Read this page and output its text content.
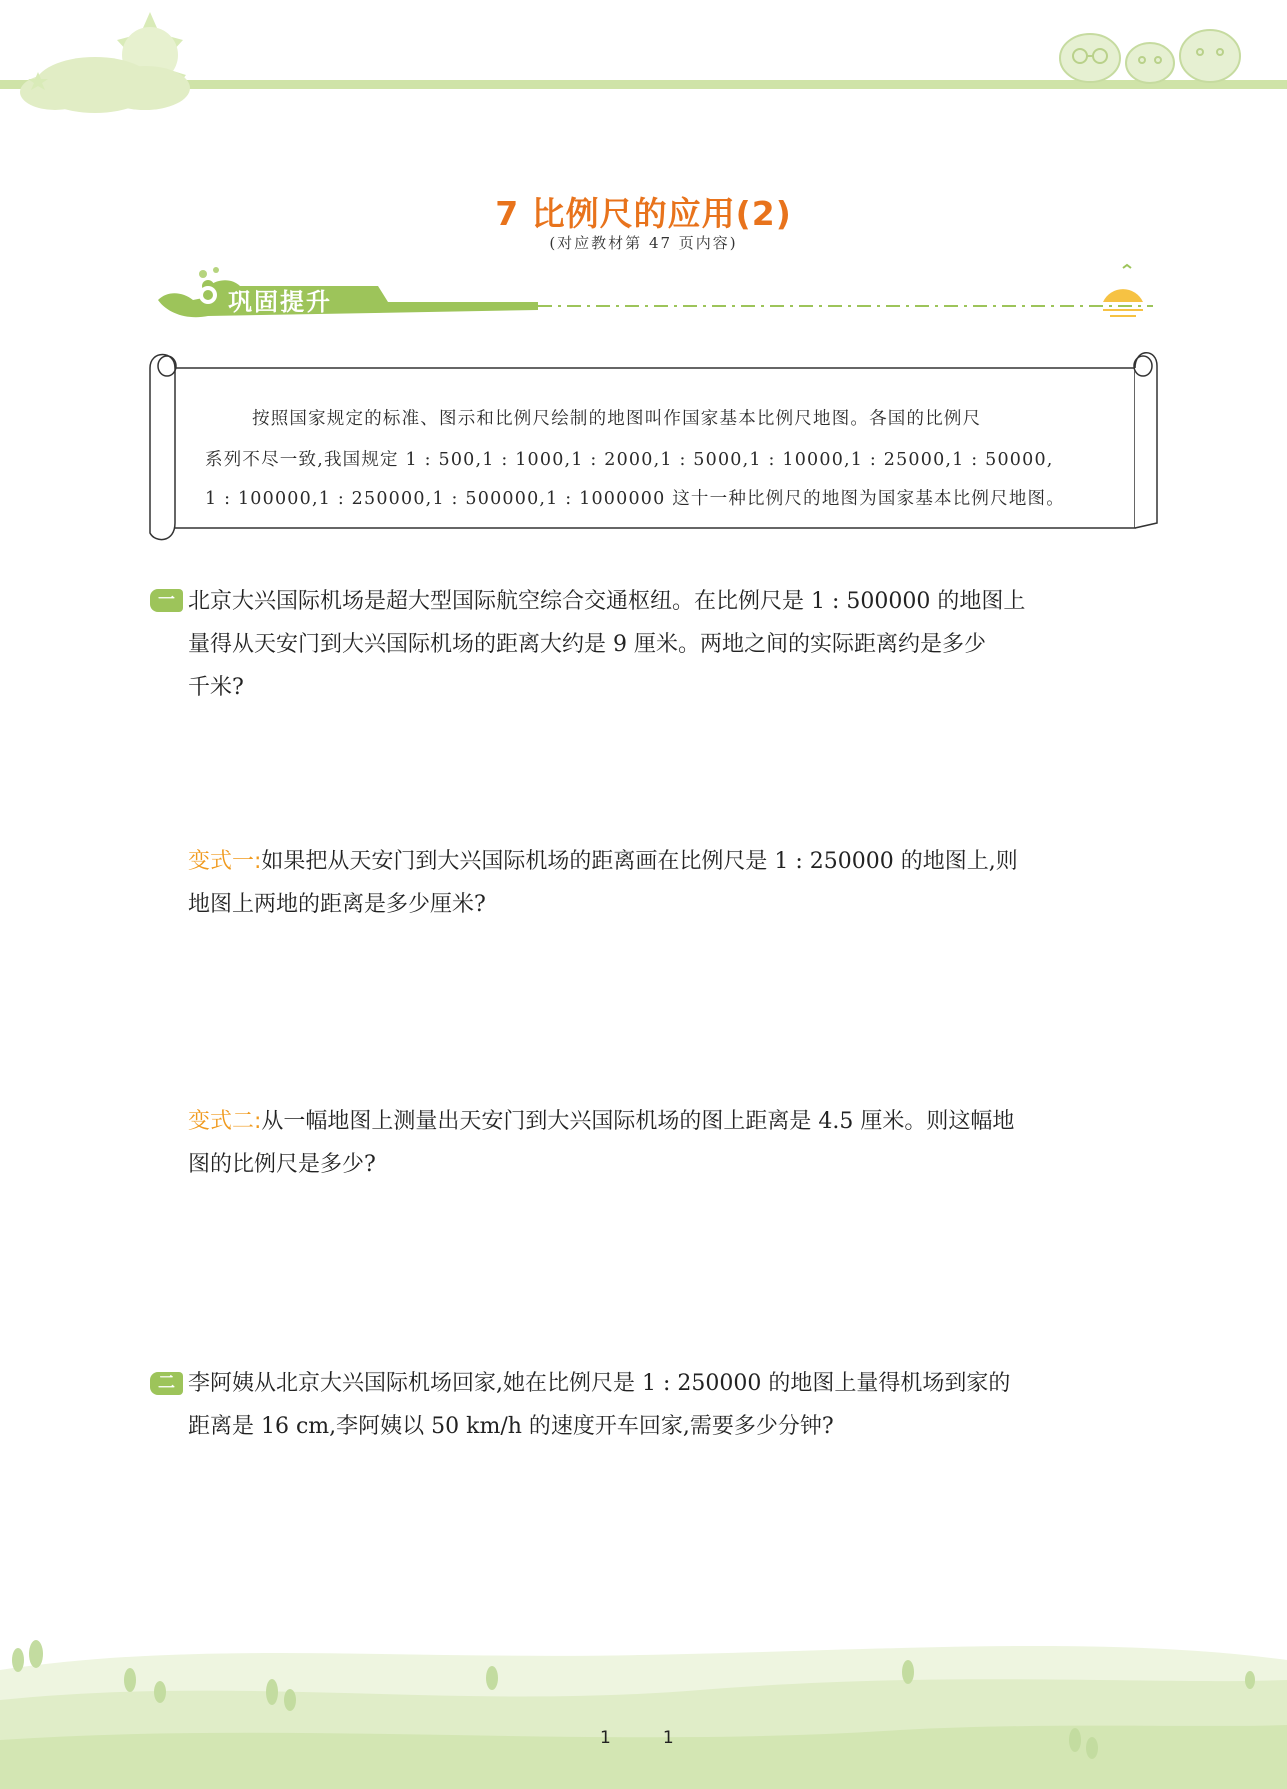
7 比例尺的应用(2)
(对应教材第 47 页内容)
巩固提升
按照国家规定的标准、图示和比例尺绘制的地图叫作国家基本比例尺地图。各国的比例尺
系列不尽一致,我国规定 1 : 500,1 : 1000,1 : 2000,1 : 5000,1 : 10000,1 : 25000,1 : 50000,
1 : 100000,1 : 250000,1 : 500000,1 : 1000000 这十一种比例尺的地图为国家基本比例尺地图。
一 北京大兴国际机场是超大型国际航空综合交通枢纽。在比例尺是 1 : 500000 的地图上
量得从天安门到大兴国际机场的距离大约是 9 厘米。两地之间的实际距离约是多少
千米?
变式一:如果把从天安门到大兴国际机场的距离画在比例尺是 1 : 250000 的地图上,则
地图上两地的距离是多少厘米?
变式二:从一幅地图上测量出天安门到大兴国际机场的图上距离是 4.5 厘米。则这幅地
图的比例尺是多少?
二 李阿姨从北京大兴国际机场回家,她在比例尺是 1 : 250000 的地图上量得机场到家的
距离是 16 cm,李阿姨以 50 km/h 的速度开车回家,需要多少分钟?
11
